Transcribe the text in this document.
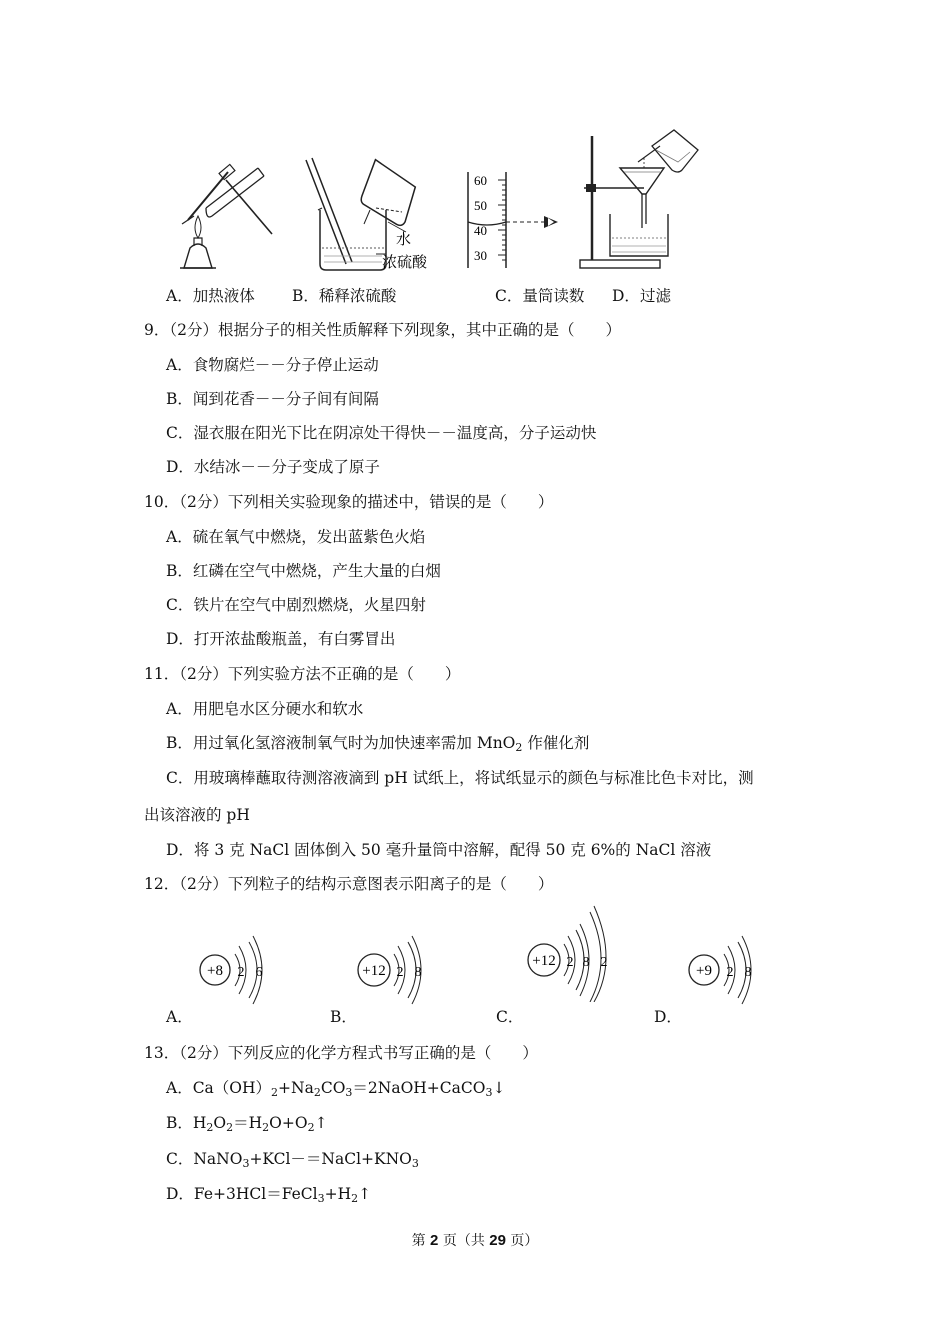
水
浓硫酸
60
50
40
30
A．加热液体 B．稀释浓硫酸	C．量筒读数 D．过滤
9．（2分）根据分子的相关性质解释下列现象，其中正确的是（　　）
A．食物腐烂－－分子停止运动
B．闻到花香－－分子间有间隔
C．湿衣服在阳光下比在阴凉处干得快－－温度高，分子运动快
D．水结冰－－分子变成了原子
10．（2分）下列相关实验现象的描述中，错误的是（　　）
A．硫在氧气中燃烧，发出蓝紫色火焰
B．红磷在空气中燃烧，产生大量的白烟
C．铁片在空气中剧烈燃烧，火星四射
D．打开浓盐酸瓶盖，有白雾冒出
11．（2分）下列实验方法不正确的是（　　）
A．用肥皂水区分硬水和软水
B．用过氧化氢溶液制氧气时为加快速率需加 MnO$_2$ 作催化剂
C．用玻璃棒蘸取待测溶液滴到 pH 试纸上，将试纸显示的颜色与标准比色卡对比，测
出该溶液的 pH
D．将 3 克 NaCl 固体倒入 50 毫升量筒中溶解，配得 50 克 6%的 NaCl 溶液
12．（2分）下列粒子的结构示意图表示阳离子的是（　　）
+8 2 6
A．
+12 2 8
B．
+12 2 8 2
C．
+9 2 8
D．
13．（2分）下列反应的化学方程式书写正确的是（　　）
A．$Ca(OH)_2+Na_2CO_3=2NaOH+CaCO_3↓$
B．$H_2O_2=H_2O+O_2↑$
C．$NaNO_3+KCl-=NaCl+KNO_3$
D．$Fe+3HCl=FeCl_3+H_2↑$
第 2 页（共 29 页）
